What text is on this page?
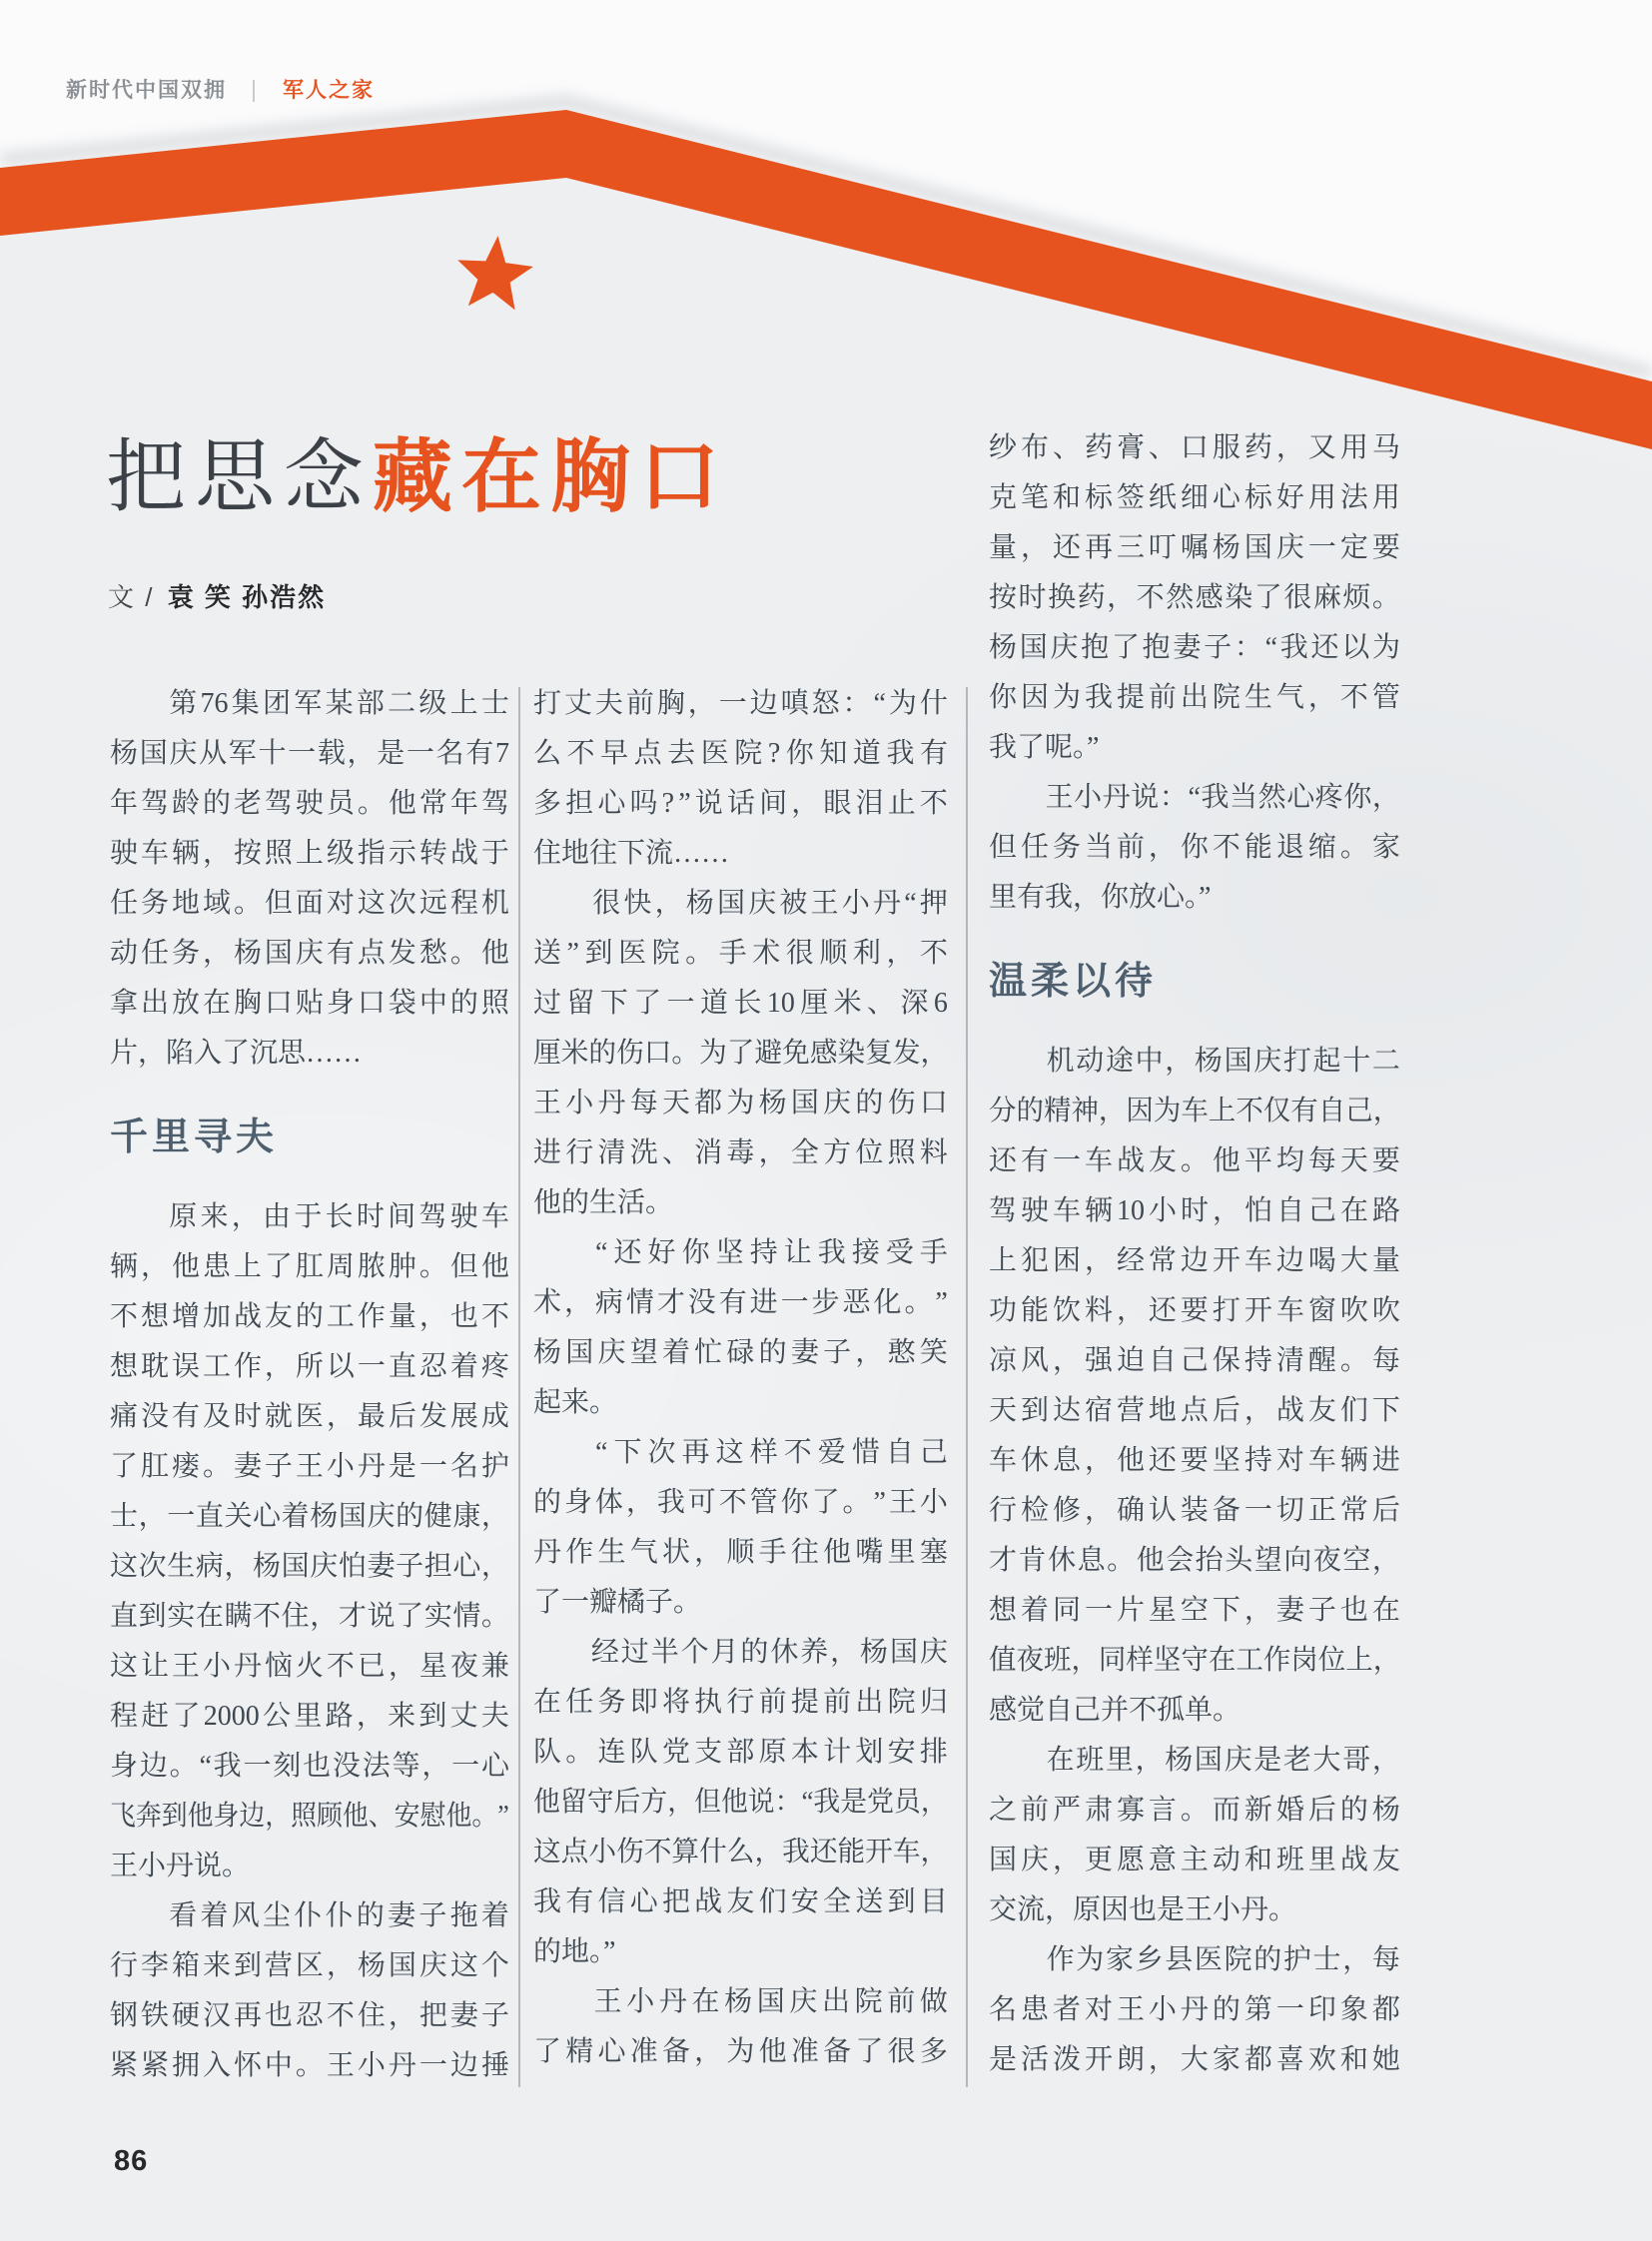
新时代中国双拥 | 军人之家
把思念藏在胸口
文 / 袁 笑 孙浩然
第 76 集 团 军 某 部 二 级 上 士
杨 国 庆 从 军 十 一 载 ， 是 一 名 有 7
年 驾 龄 的 老 驾 驶 员 。 他 常 年 驾
驶 车 辆 ， 按 照 上 级 指 示 转 战 于
任 务 地 域 。 但 面 对 这 次 远 程 机
动 任 务 ， 杨 国 庆 有 点 发 愁 。 他
拿 出 放 在 胸 口 贴 身 口 袋 中 的 照
片，陷入了沉思……
千里寻夫
原 来 ， 由 于 长 时 间 驾 驶 车
辆 ， 他 患 上 了 肛 周 脓 肿 。 但 他
不 想 增 加 战 友 的 工 作 量 ， 也 不
想 耽 误 工 作 ， 所 以 一 直 忍 着 疼
痛 没 有 及 时 就 医 ， 最 后 发 展 成
了 肛 瘘 。 妻 子 王 小 丹 是 一 名 护
士 ， 一 直 关 心 着 杨 国 庆 的 健 康 ，
这 次 生 病 ， 杨 国 庆 怕 妻 子 担 心 ，
直 到 实 在 瞒 不 住 ， 才 说 了 实 情 。
这 让 王 小 丹 恼 火 不 已 ， 星 夜 兼
程 赶 了 2000 公 里 路 ， 来 到 丈 夫
身 边 。 “ 我 一 刻 也 没 法 等 ， 一 心
飞 奔 到 他 身 边 ， 照 顾 他 、 安 慰 他 。 ”
王小丹说。
看 着 风 尘 仆 仆 的 妻 子 拖 着
行 李 箱 来 到 营 区 ， 杨 国 庆 这 个
钢 铁 硬 汉 再 也 忍 不 住 ， 把 妻 子
紧 紧 拥 入 怀 中 。 王 小 丹 一 边 捶
打 丈 夫 前 胸 ， 一 边 嗔 怒 ： “ 为 什
么 不 早 点 去 医 院 ? 你 知 道 我 有
多 担 心 吗 ? ” 说 话 间 ， 眼 泪 止 不
住地往下流……
很 快 ， 杨 国 庆 被 王 小 丹 “ 押
送 ” 到 医 院 。 手 术 很 顺 利 ， 不
过 留 下 了 一 道 长 10 厘 米 、 深 6
厘 米 的 伤 口 。 为 了 避 免 感 染 复 发 ，
王 小 丹 每 天 都 为 杨 国 庆 的 伤 口
进 行 清 洗 、 消 毒 ， 全 方 位 照 料
他的生活。
“ 还 好 你 坚 持 让 我 接 受 手
术 ， 病 情 才 没 有 进 一 步 恶 化 。 ”
杨 国 庆 望 着 忙 碌 的 妻 子 ， 憨 笑
起来。
“ 下 次 再 这 样 不 爱 惜 自 己
的 身 体 ， 我 可 不 管 你 了 。 ” 王 小
丹 作 生 气 状 ， 顺 手 往 他 嘴 里 塞
了一瓣橘子。
经 过 半 个 月 的 休 养 ， 杨 国 庆
在 任 务 即 将 执 行 前 提 前 出 院 归
队 。 连 队 党 支 部 原 本 计 划 安 排
他 留 守 后 方 ， 但 他 说 ： “ 我 是 党 员 ，
这 点 小 伤 不 算 什 么 ， 我 还 能 开 车 ，
我 有 信 心 把 战 友 们 安 全 送 到 目
的地。”
王 小 丹 在 杨 国 庆 出 院 前 做
了 精 心 准 备 ， 为 他 准 备 了 很 多
纱 布 、 药 膏 、 口 服 药 ， 又 用 马
克 笔 和 标 签 纸 细 心 标 好 用 法 用
量 ， 还 再 三 叮 嘱 杨 国 庆 一 定 要
按 时 换 药 ， 不 然 感 染 了 很 麻 烦 。
杨 国 庆 抱 了 抱 妻 子 ： “ 我 还 以 为
你 因 为 我 提 前 出 院 生 气 ， 不 管
我了呢。”
王 小 丹 说 ： “ 我 当 然 心 疼 你 ，
但 任 务 当 前 ， 你 不 能 退 缩 。 家
里有我，你放心。”
温柔以待
机 动 途 中 ， 杨 国 庆 打 起 十 二
分 的 精 神 ， 因 为 车 上 不 仅 有 自 己 ，
还 有 一 车 战 友 。 他 平 均 每 天 要
驾 驶 车 辆 10 小 时 ， 怕 自 己 在 路
上 犯 困 ， 经 常 边 开 车 边 喝 大 量
功 能 饮 料 ， 还 要 打 开 车 窗 吹 吹
凉 风 ， 强 迫 自 己 保 持 清 醒 。 每
天 到 达 宿 营 地 点 后 ， 战 友 们 下
车 休 息 ， 他 还 要 坚 持 对 车 辆 进
行 检 修 ， 确 认 装 备 一 切 正 常 后
才 肯 休 息 。 他 会 抬 头 望 向 夜 空 ，
想 着 同 一 片 星 空 下 ， 妻 子 也 在
值 夜 班 ， 同 样 坚 守 在 工 作 岗 位 上 ，
感觉自己并不孤单。
在 班 里 ， 杨 国 庆 是 老 大 哥 ，
之 前 严 肃 寡 言 。 而 新 婚 后 的 杨
国 庆 ， 更 愿 意 主 动 和 班 里 战 友
交流，原因也是王小丹。
作 为 家 乡 县 医 院 的 护 士 ， 每
名 患 者 对 王 小 丹 的 第 一 印 象 都
是 活 泼 开 朗 ， 大 家 都 喜 欢 和 她
86
